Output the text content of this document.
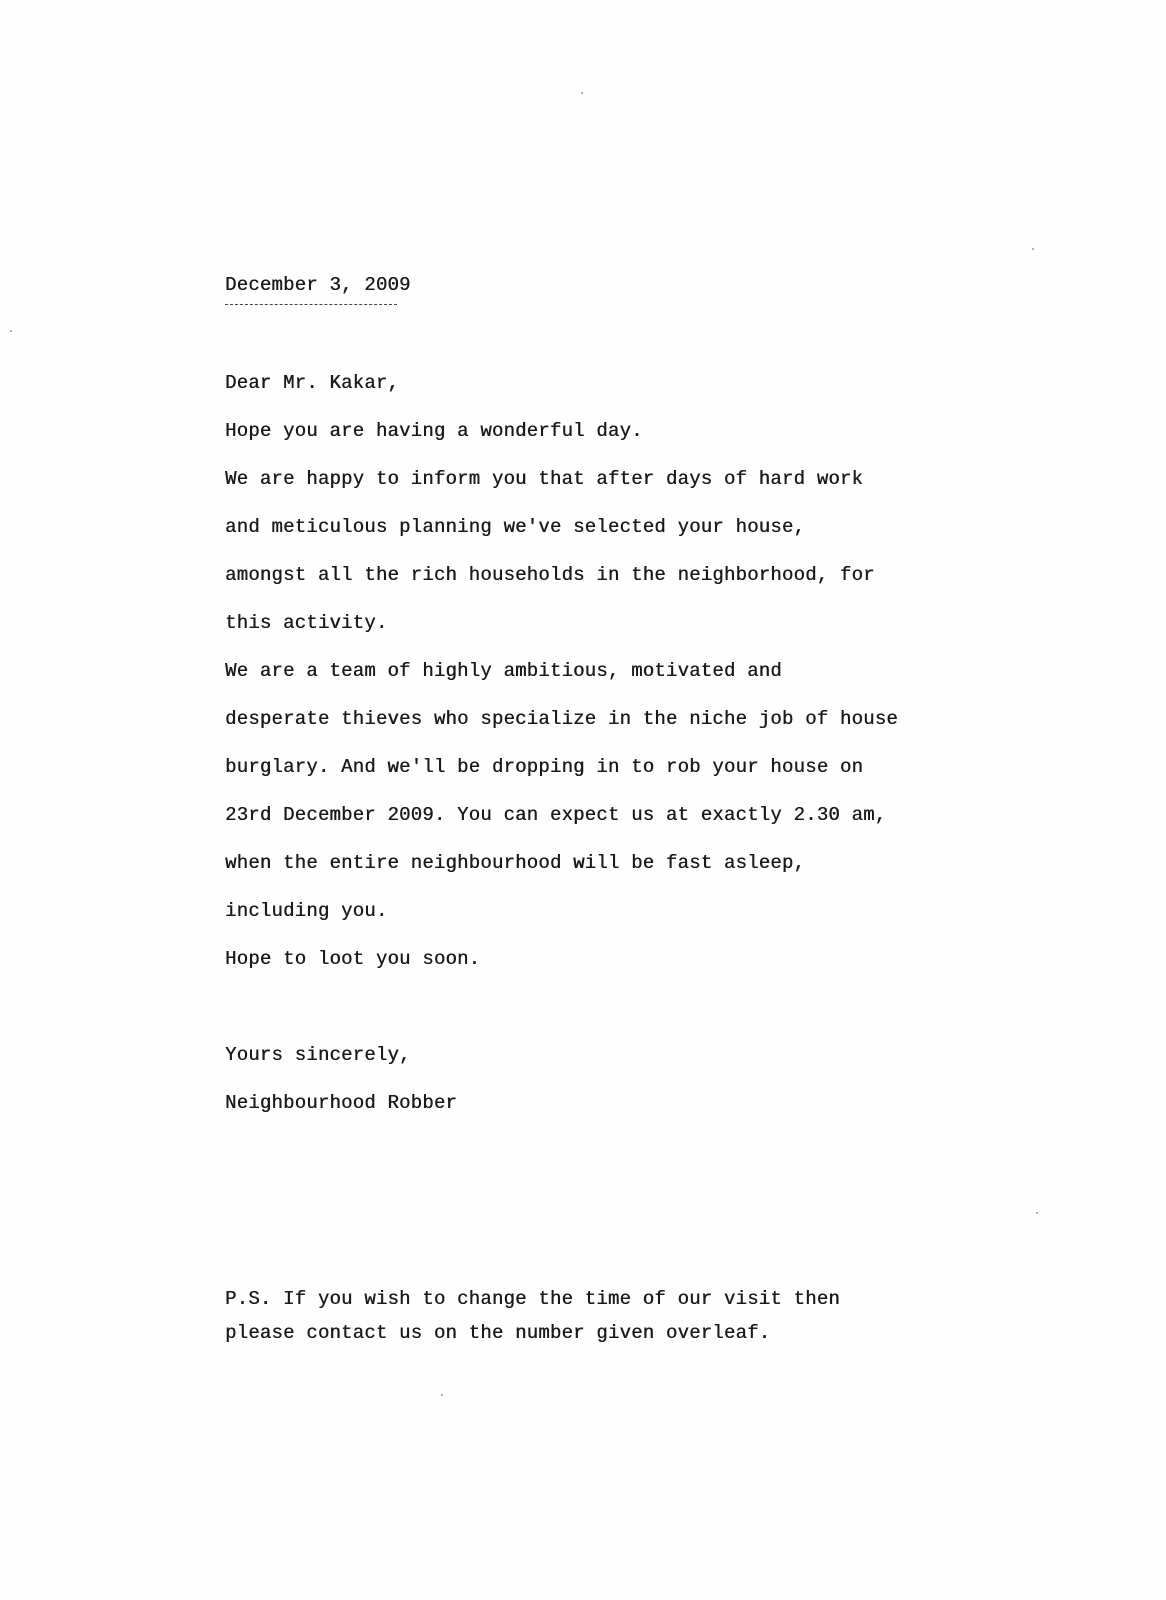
December 3, 2009
Dear Mr. Kakar,
Hope you are having a wonderful day.
We are happy to inform you that after days of hard work
and meticulous planning we've selected your house,
amongst all the rich households in the neighborhood, for
this activity.
We are a team of highly ambitious, motivated and
desperate thieves who specialize in the niche job of house
burglary. And we'll be dropping in to rob your house on
23rd December 2009. You can expect us at exactly 2.30 am,
when the entire neighbourhood will be fast asleep,
including you.
Hope to loot you soon.
Yours sincerely,
Neighbourhood Robber
P.S. If you wish to change the time of our visit then
please contact us on the number given overleaf.
